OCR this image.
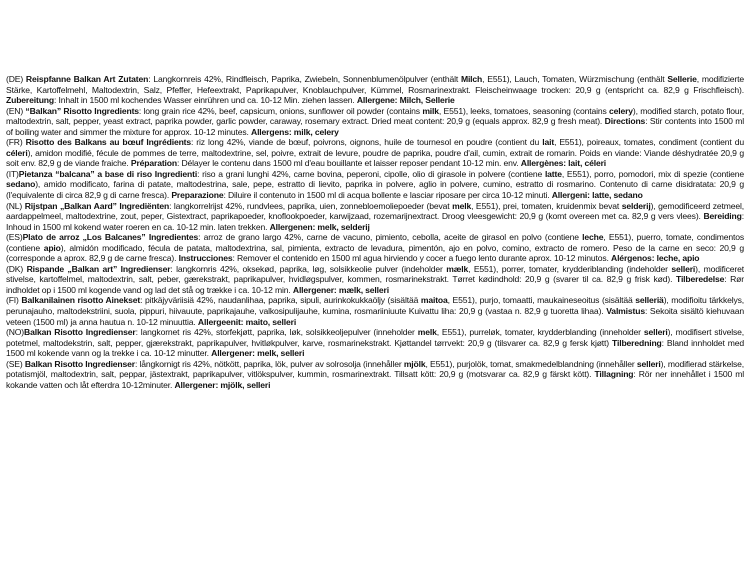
(DE) Reispfanne Balkan Art Zutaten: Langkornreis 42%, Rindfleisch, Paprika, Zwiebeln, Sonnenblumenölpulver (enthält Milch, E551), Lauch, Tomaten, Würzmischung (enthält Sellerie, modifizierte Stärke, Kartoffelmehl, Maltodextrin, Salz, Pfeffer, Hefeextrakt, Paprikapulver, Knoblauchpulver, Kümmel, Rosmarinextrakt. Fleischeinwaage trocken: 20,9 g (entspricht ca. 82,9 g Frischfleisch). Zubereitung: Inhalt in 1500 ml kochendes Wasser einrühren und ca. 10-12 Min. ziehen lassen. Allergene: Milch, Sellerie
(EN) “Balkan” Risotto Ingredients: long grain rice 42%, beef, capsicum, onions, sunflower oil powder (contains milk, E551), leeks, tomatoes, seasoning (contains celery), modified starch, potato flour, maltodextrin, salt, pepper, yeast extract, paprika powder, garlic powder, caraway, rosemary extract. Dried meat content: 20,9 g (equals approx. 82,9 g fresh meat). Directions: Stir contents into 1500 ml of boiling water and simmer the mixture for approx. 10-12 minutes. Allergens: milk, celery
(FR) Risotto des Balkans au bœuf Ingrédients: riz long 42%, viande de bœuf, poivrons, oignons, huile de tournesol en poudre (contient du lait, E551), poireaux, tomates, condiment (contient du céleri), amidon modifié, fécule de pommes de terre, maltodextrine, sel, poivre, extrait de levure, poudre de paprika, poudre d'ail, cumin, extrait de romarin. Poids en viande: Viande déshydratée 20,9 g soit env. 82,9 g de viande fraiche. Préparation: Délayer le contenu dans 1500 ml d'eau bouillante et laisser reposer pendant 10-12 min. env. Allergènes: lait, céleri
(IT)Pietanza “balcana” a base di riso Ingredienti: riso a grani lunghi 42%, carne bovina, peperoni, cipolle, olio di girasole in polvere (contiene latte, E551), porro, pomodori, mix di spezie (contiene sedano), amido modificato, farina di patate, maltodestrina, sale, pepe, estratto di lievito, paprika in polvere, aglio in polvere, cumino, estratto di rosmarino. Contenuto di carne disidratata: 20,9 g (l'equivalente di circa 82,9 g di carne fresca). Preparazione: Diluire il contenuto in 1500 ml di acqua bollente e lasciar riposare per circa 10-12 minuti. Allergeni: latte, sedano
(NL) Rijstpan „Balkan Aard” Ingrediënten: langkorrelrijst 42%, rundvlees, paprika, uien, zonnebloemoliepoeder (bevat melk, E551), prei, tomaten, kruidenmix bevat selderij), gemodificeerd zetmeel, aardappelmeel, maltodextrine, zout, peper, Gistextract, paprikapoeder, knoflookpoeder, karwijzaad, rozemarijnextract. Droog vleesgewicht: 20,9 g (komt overeen met ca. 82,9 g vers vlees). Bereiding: Inhoud in 1500 ml kokend water roeren en ca. 10-12 min. laten trekken. Allergenen: melk, selderij
(ES)Plato de arroz „Los Balcanes” Ingredientes: arroz de grano largo 42%, carne de vacuno, pimiento, cebolla, aceite de girasol en polvo (contiene leche, E551), puerro, tomate, condimentos (contiene apio), almidón modificado, fécula de patata, maltodextrina, sal, pimienta, extracto de levadura, pimentón, ajo en polvo, comino, extracto de romero. Peso de la carne en seco: 20,9 g (corresponde a aprox. 82,9 g de carne fresca). Instrucciones: Remover el contenido en 1500 ml agua hirviendo y cocer a fuego lento durante aprox. 10-12 minutos. Alérgenos: leche, apio
(DK) Rispande „Balkan art” Ingredienser: langkornris 42%, oksekød, paprika, løg, solsikkeolie pulver (indeholder mælk, E551), porrer, tomater, krydderiblanding (indeholder selleri), modificeret stivelse, kartoffelmel, maltodextrin, salt, peber, gærekstrakt, paprikapulver, hvidløgspulver, kommen, rosmarinekstrakt. Tørret kødindhold: 20,9 g (svarer til ca. 82,9 g frisk kød). Tilberedelse: Rør indholdet op i 1500 ml kogende vand og lad det stå og trække i ca. 10-12 min. Allergener: mælk, selleri
(FI) Balkanilainen risotto Ainekset: pitkäjyväriisiä 42%, naudanlihaa, paprika, sipuli, aurinkokukkaöljy (sisältää maitoa, E551), purjo, tomaatti, maukaineseoitus (sisältää selleriä), modifioitu tärkkelys, perunajauho, maltodekstriini, suola, pippuri, hiivauute, paprikajauhe, valkosipulijauhe, kumina, rosmariiniuute Kuivattu liha: 20,9 g (vastaa n. 82,9 g tuoretta lihaa). Valmistus: Sekoita sisältö kiehuvaan veteen (1500 ml) ja anna hautua n. 10-12 minuuttia. Allergeenit: maito, selleri
(NO)Balkan Risotto Ingredienser: langkornet ris 42%, storfekjøtt, paprika, løk, solsikkeoljepulver (inneholder melk, E551), purreløk, tomater, krydderblanding (inneholder selleri), modifisert stivelse, potetmel, maltodekstrin, salt, pepper, gjærekstrakt, paprikapulver, hvitløkpulver, karve, rosmarinekstrakt. Kjøttandel tørrvekt: 20,9 g (tilsvarer ca. 82,9 g fersk kjøtt) Tilberedning: Bland innholdet med 1500 ml kokende vann og la trekke i ca. 10-12 minutter. Allergener: melk, selleri
(SE) Balkan Risotto Ingredienser: långkornigt ris 42%, nötkött, paprika, lök, pulver av solrosolja (innehåller mjölk, E551), purjolök, tomat, smakmedelblandning (innehåller selleri), modifierad stärkelse, potatismjöl, maltodextrin, salt, peppar, jästextrakt, paprikapulver, vitlökspulver, kummin, rosmarinextrakt. Tillsatt kött: 20,9 g (motsvarar ca. 82,9 g färskt kött). Tillagning: Rör ner innehållet i 1500 ml kokande vatten och låt efterdra 10-12minuter. Allergener: mjölk, selleri
